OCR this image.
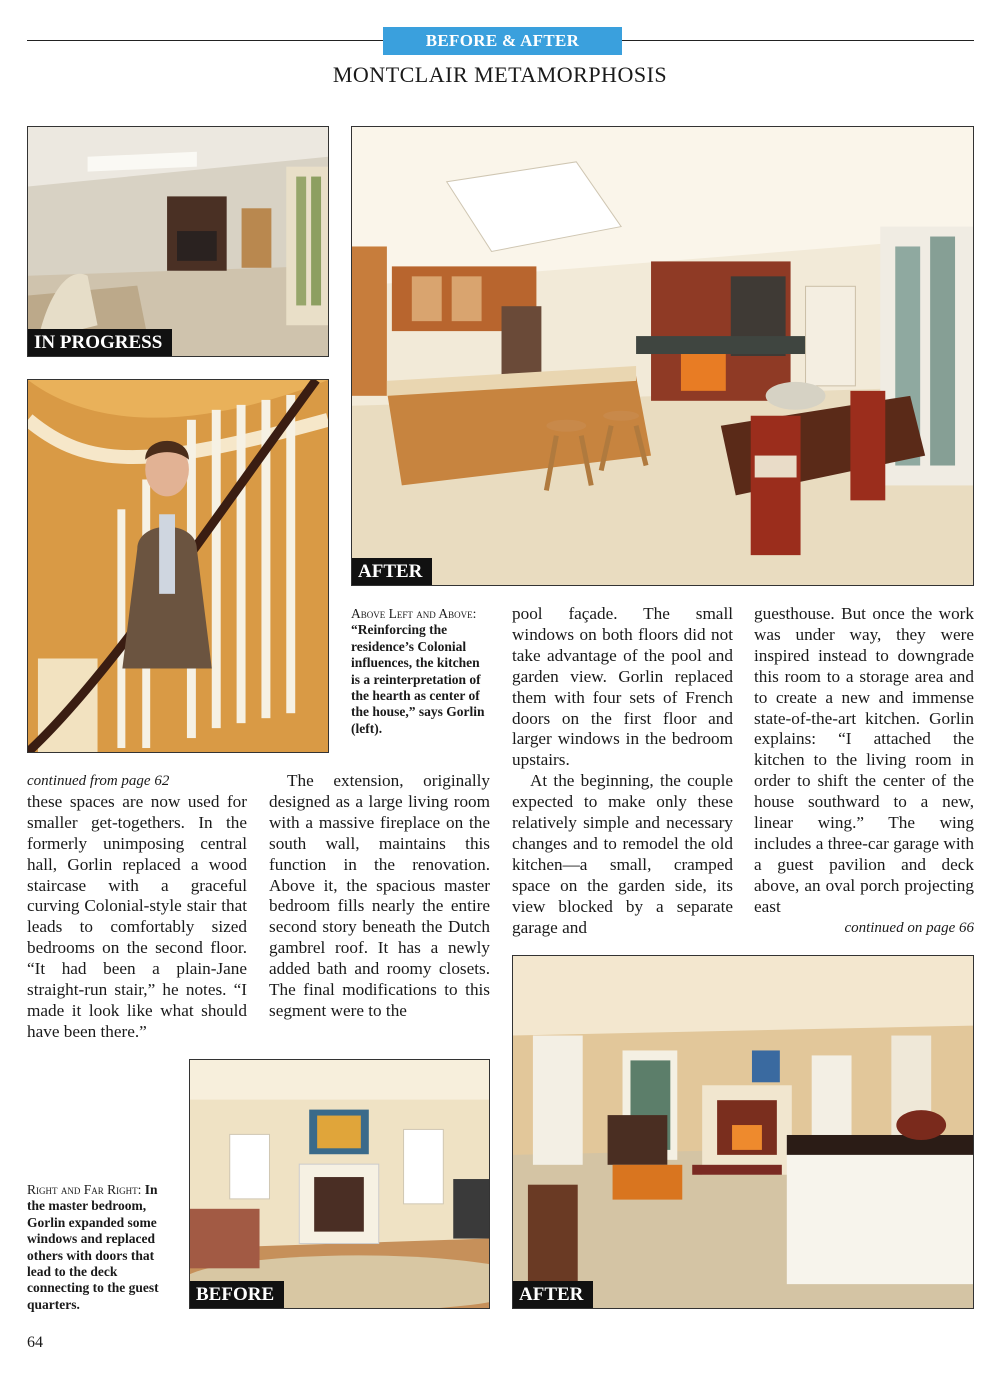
BEFORE & AFTER
MONTCLAIR METAMORPHOSIS
IN PROGRESS
AFTER
Above Left and Above: “Reinforcing the residence’s Colonial influences, the kitchen is a reinterpretation of the hearth as center of the house,” says Gorlin (left).
continued from page 62

these spaces are now used for smaller get-togethers. In the formerly unimposing central hall, Gorlin replaced a wood staircase with a graceful curving Colonial-style stair that leads to comfortably sized bedrooms on the second floor. “It had been a plain-Jane straight-run stair,” he notes. “I made it look like what should have been there.”

The extension, originally designed as a large living room with a massive fireplace on the south wall, maintains this function in the renovation. Above it, the spacious master bedroom fills nearly the entire second story beneath the Dutch gambrel roof. It has a newly added bath and roomy closets. The final modifications to this segment were to the

pool façade. The small windows on both floors did not take advantage of the pool and garden view. Gorlin replaced them with four sets of French doors on the first floor and larger windows in the bedroom upstairs.

At the beginning, the couple expected to make only these relatively simple and necessary changes and to remodel the old kitchen—a small, cramped space on the garden side, its view blocked by a separate garage and

guesthouse. But once the work was under way, they were inspired instead to downgrade this room to a storage area and to create a new and immense state-of-the-art kitchen. Gorlin explains: “I attached the kitchen to the living room in order to shift the center of the house southward to a new, linear wing.” The wing includes a three-car garage with a guest pavilion and deck above, an oval porch projecting east

continued on page 66
Right and Far Right: In the master bedroom, Gorlin expanded some windows and replaced others with doors that lead to the deck connecting to the guest quarters.	BEFORE	AFTER
64
